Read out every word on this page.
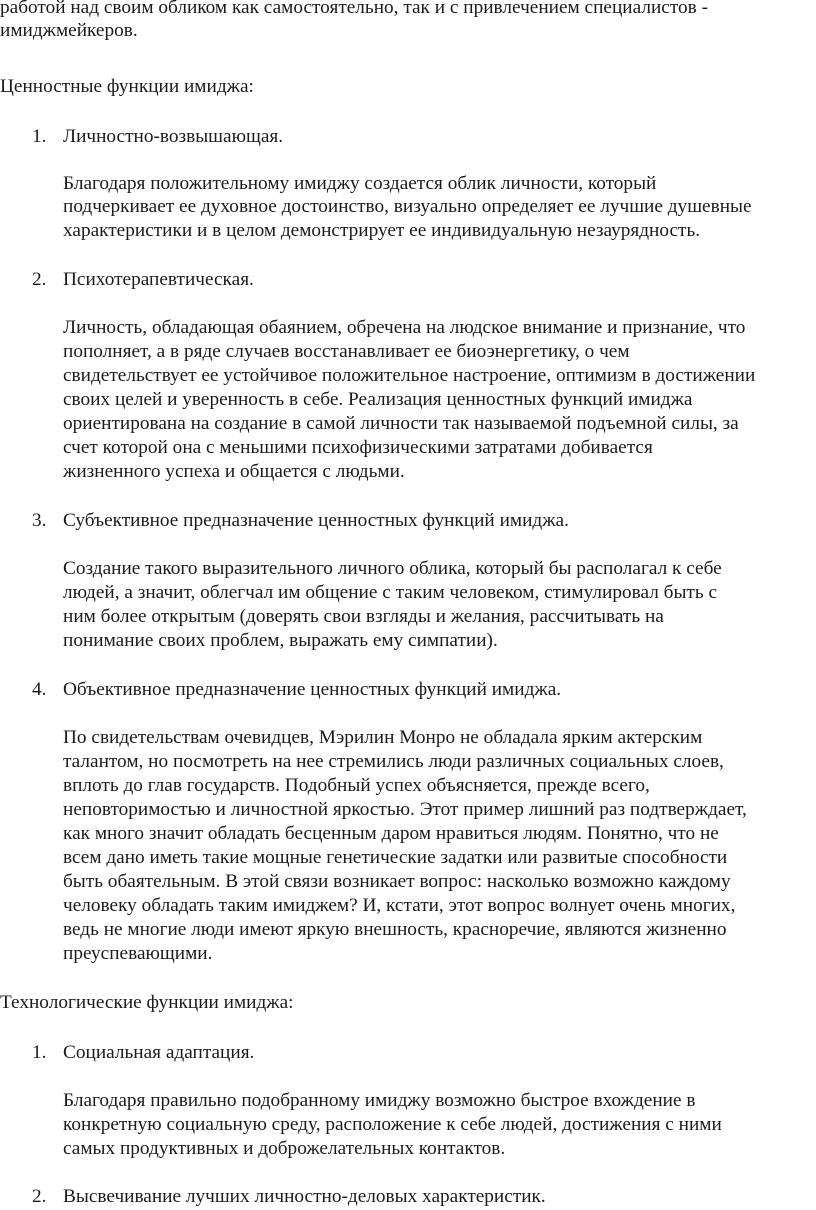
работой над своим обликом как самостоятельно, так и с привлечением специалистов -
имиджмейкеров.
Ценностные функции имиджа:
1. Личностно-возвышающая.
Благодаря положительному имиджу создается облик личности, который
подчеркивает ее духовное достоинство, визуально определяет ее лучшие душевные
характеристики и в целом демонстрирует ее индивидуальную незаурядность.
2. Психотерапевтическая.
Личность, обладающая обаянием, обречена на людское внимание и признание, что
пополняет, а в ряде случаев восстанавливает ее биоэнергетику, о чем
свидетельствует ее устойчивое положительное настроение, оптимизм в достижении
своих целей и уверенность в себе. Реализация ценностных функций имиджа
ориентирована на создание в самой личности так называемой подъемной силы, за
счет которой она с меньшими психофизическими затратами добивается
жизненного успеха и общается с людьми.
3. Субъективное предназначение ценностных функций имиджа.
Создание такого выразительного личного облика, который бы располагал к себе
людей, а значит, облегчал им общение с таким человеком, стимулировал быть с
ним более открытым (доверять свои взгляды и желания, рассчитывать на
понимание своих проблем, выражать ему симпатии).
4. Объективное предназначение ценностных функций имиджа.
По свидетельствам очевидцев, Мэрилин Монро не обладала ярким актерским
талантом, но посмотреть на нее стремились люди различных социальных слоев,
вплоть до глав государств. Подобный успех объясняется, прежде всего,
неповторимостью и личностной яркостью. Этот пример лишний раз подтверждает,
как много значит обладать бесценным даром нравиться людям. Понятно, что не
всем дано иметь такие мощные генетические задатки или развитые способности
быть обаятельным. В этой связи возникает вопрос: насколько возможно каждому
человеку обладать таким имиджем? И, кстати, этот вопрос волнует очень многих,
ведь не многие люди имеют яркую внешность, красноречие, являются жизненно
преуспевающими.
Технологические функции имиджа:
1. Социальная адаптация.
Благодаря правильно подобранному имиджу возможно быстрое вхождение в
конкретную социальную среду, расположение к себе людей, достижения с ними
самых продуктивных и доброжелательных контактов.
2. Высвечивание лучших личностно-деловых характеристик.
